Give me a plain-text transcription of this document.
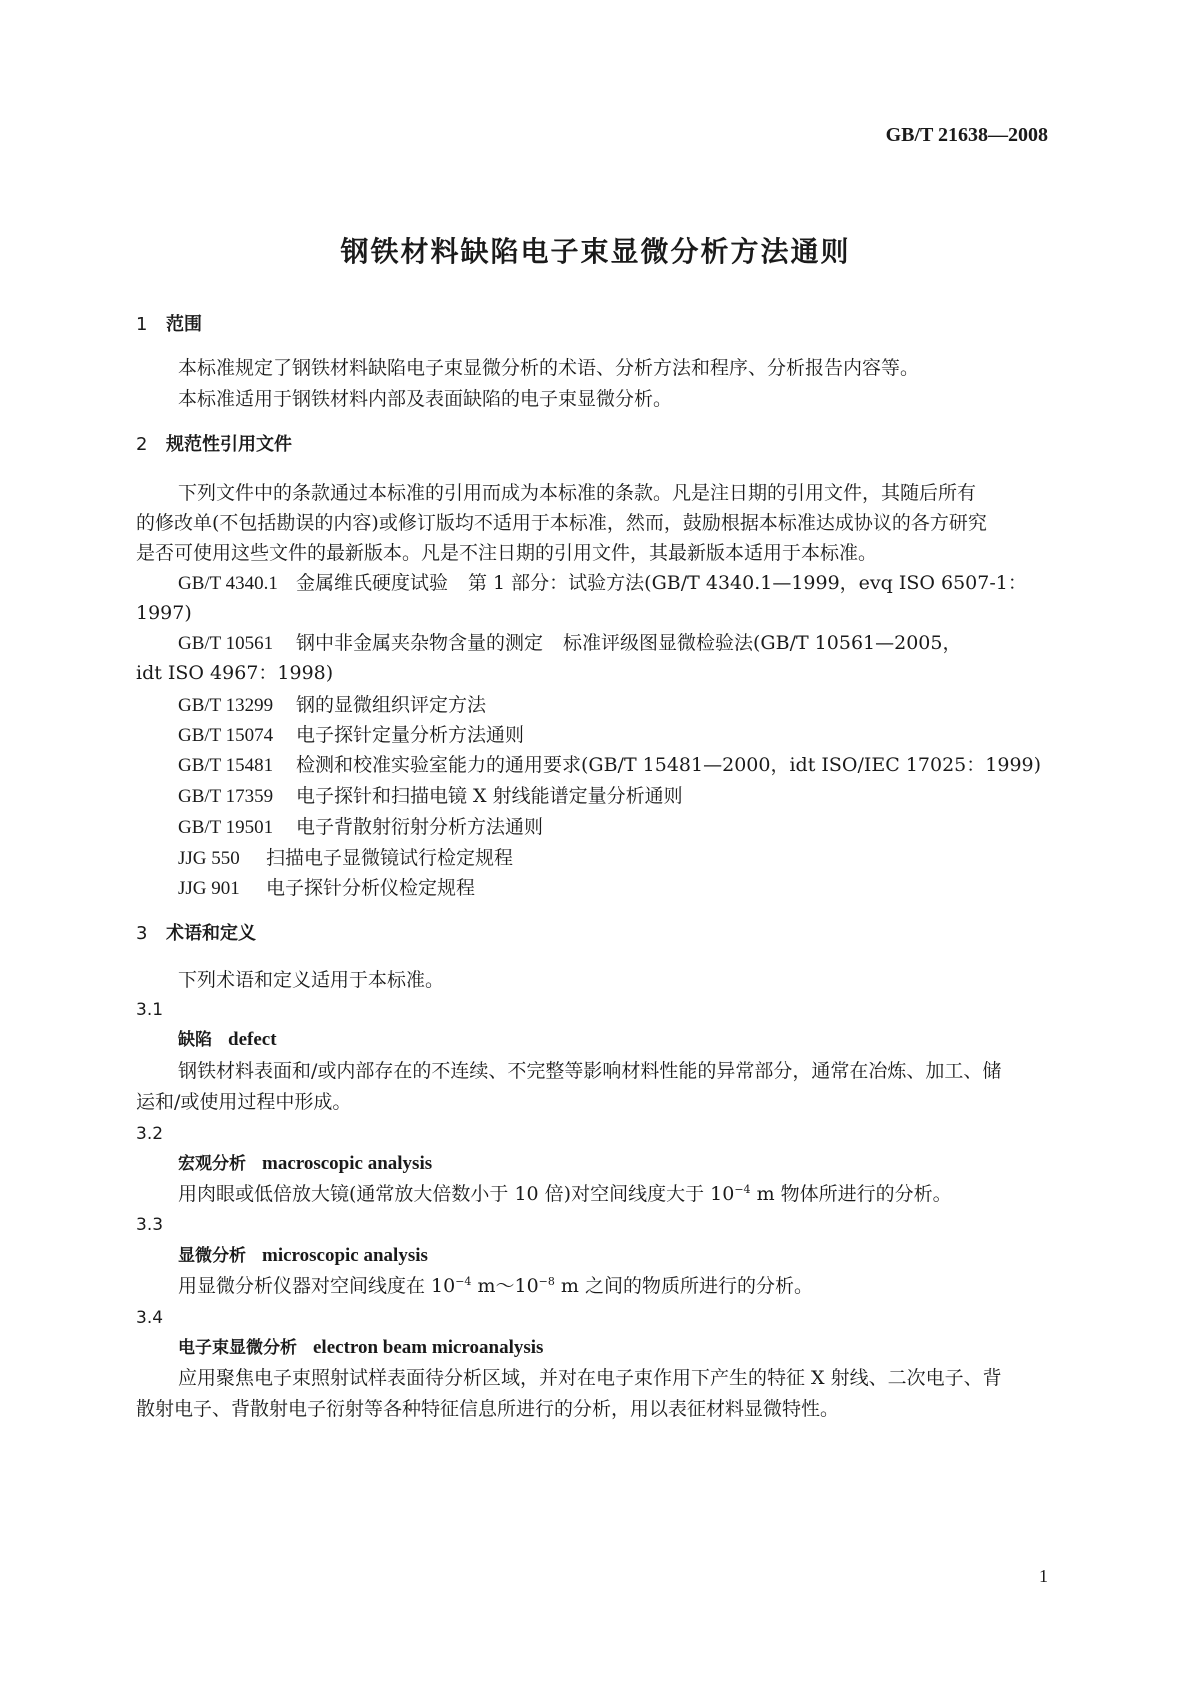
GB/T 21638—2008

钢铁材料缺陷电子束显微分析方法通则

1 范围

本标准规定了钢铁材料缺陷电子束显微分析的术语、分析方法和程序、分析报告内容等。

本标准适用于钢铁材料内部及表面缺陷的电子束显微分析。

2 规范性引用文件

下列文件中的条款通过本标准的引用而成为本标准的条款。凡是注日期的引用文件，其随后所有

的修改单(不包括勘误的内容)或修订版均不适用于本标准，然而，鼓励根据本标准达成协议的各方研究

是否可使用这些文件的最新版本。凡是不注日期的引用文件，其最新版本适用于本标准。

GB/T 4340.1 金属维氏硬度试验 第 1 部分：试验方法(GB/T 4340.1—1999，evq ISO 6507-1：

1997)

GB/T 10561 钢中非金属夹杂物含量的测定 标准评级图显微检验法(GB/T 10561—2005，

idt ISO 4967：1998)

GB/T 13299 钢的显微组织评定方法

GB/T 15074 电子探针定量分析方法通则

GB/T 15481 检测和校准实验室能力的通用要求(GB/T 15481—2000，idt ISO/IEC 17025：1999)

GB/T 17359 电子探针和扫描电镜 X 射线能谱定量分析通则

GB/T 19501 电子背散射衍射分析方法通则

JJG 550 扫描电子显微镜试行检定规程

JJG 901 电子探针分析仪检定规程

3 术语和定义

下列术语和定义适用于本标准。

3.1

缺陷 defect

钢铁材料表面和/或内部存在的不连续、不完整等影响材料性能的异常部分，通常在冶炼、加工、储

运和/或使用过程中形成。

3.2

宏观分析 macroscopic analysis

用肉眼或低倍放大镜(通常放大倍数小于 10 倍)对空间线度大于 $10^{-4}$ m 物体所进行的分析。

3.3

显微分析 microscopic analysis

用显微分析仪器对空间线度在 $10^{-4}$ $m\sim 10^{-8}$ m 之间的物质所进行的分析。

3.4

电子束显微分析 electron beam microanalysis

应用聚焦电子束照射试样表面待分析区域，并对在电子束作用下产生的特征 X 射线、二次电子、背

散射电子、背散射电子衍射等各种特征信息所进行的分析，用以表征材料显微特性。

1
